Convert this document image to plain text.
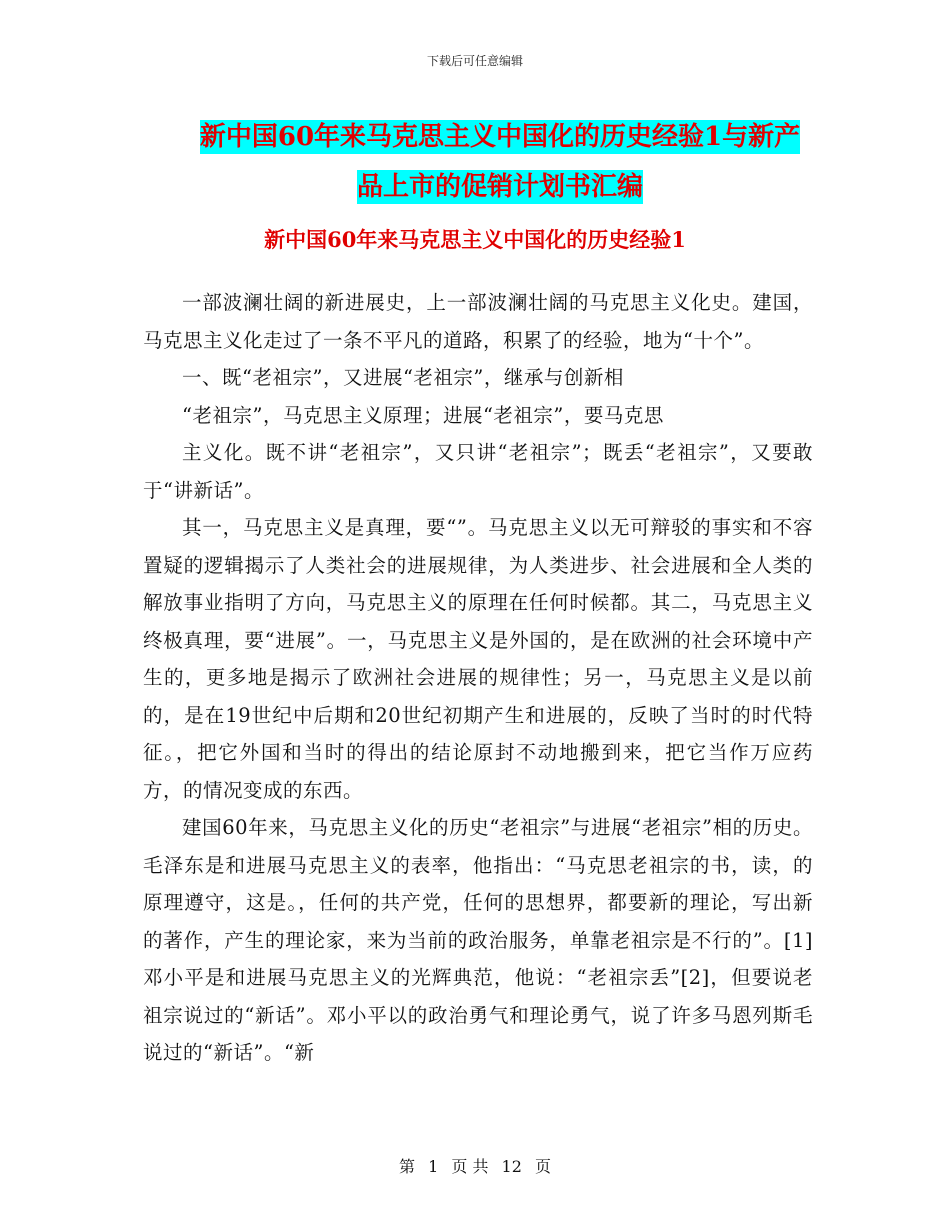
下载后可任意编辑
新中国60年来马克思主义中国化的历史经验1与新产
品上市的促销计划书汇编
新中国60年来马克思主义中国化的历史经验1

一部波澜壮阔的新进展史，上一部波澜壮阔的马克思主义化史。建国，马克思主义化走过了一条不平凡的道路，积累了的经验，地为“十个”。

一、既“老祖宗”，又进展“老祖宗”，继承与创新相

“老祖宗”，马克思主义原理；进展“老祖宗”，要马克思

主义化。既不讲“老祖宗”，又只讲“老祖宗”；既丢“老祖宗”，又要敢于“讲新话”。

其一，马克思主义是真理，要“”。马克思主义以无可辩驳的事实和不容置疑的逻辑揭示了人类社会的进展规律，为人类进步、社会进展和全人类的解放事业指明了方向，马克思主义的原理在任何时候都。其二，马克思主义终极真理，要“进展”。一，马克思主义是外国的，是在欧洲的社会环境中产生的，更多地是揭示了欧洲社会进展的规律性；另一，马克思主义是以前的，是在19世纪中后期和20世纪初期产生和进展的，反映了当时的时代特征。，把它外国和当时的得出的结论原封不动地搬到来，把它当作万应药方，的情况变成的东西。

建国60年来，马克思主义化的历史“老祖宗”与进展“老祖宗”相的历史。毛泽东是和进展马克思主义的表率，他指出：“马克思老祖宗的书，读，的原理遵守，这是。，任何的共产党，任何的思想界，都要新的理论，写出新的著作，产生的理论家，来为当前的政治服务，单靠老祖宗是不行的”。[1]邓小平是和进展马克思主义的光辉典范，他说：“老祖宗丢”[2]，但要说老祖宗说过的“新话”。邓小平以的政治勇气和理论勇气，说了许多马恩列斯毛说过的“新话”。“新

第 1 页 共 12 页
